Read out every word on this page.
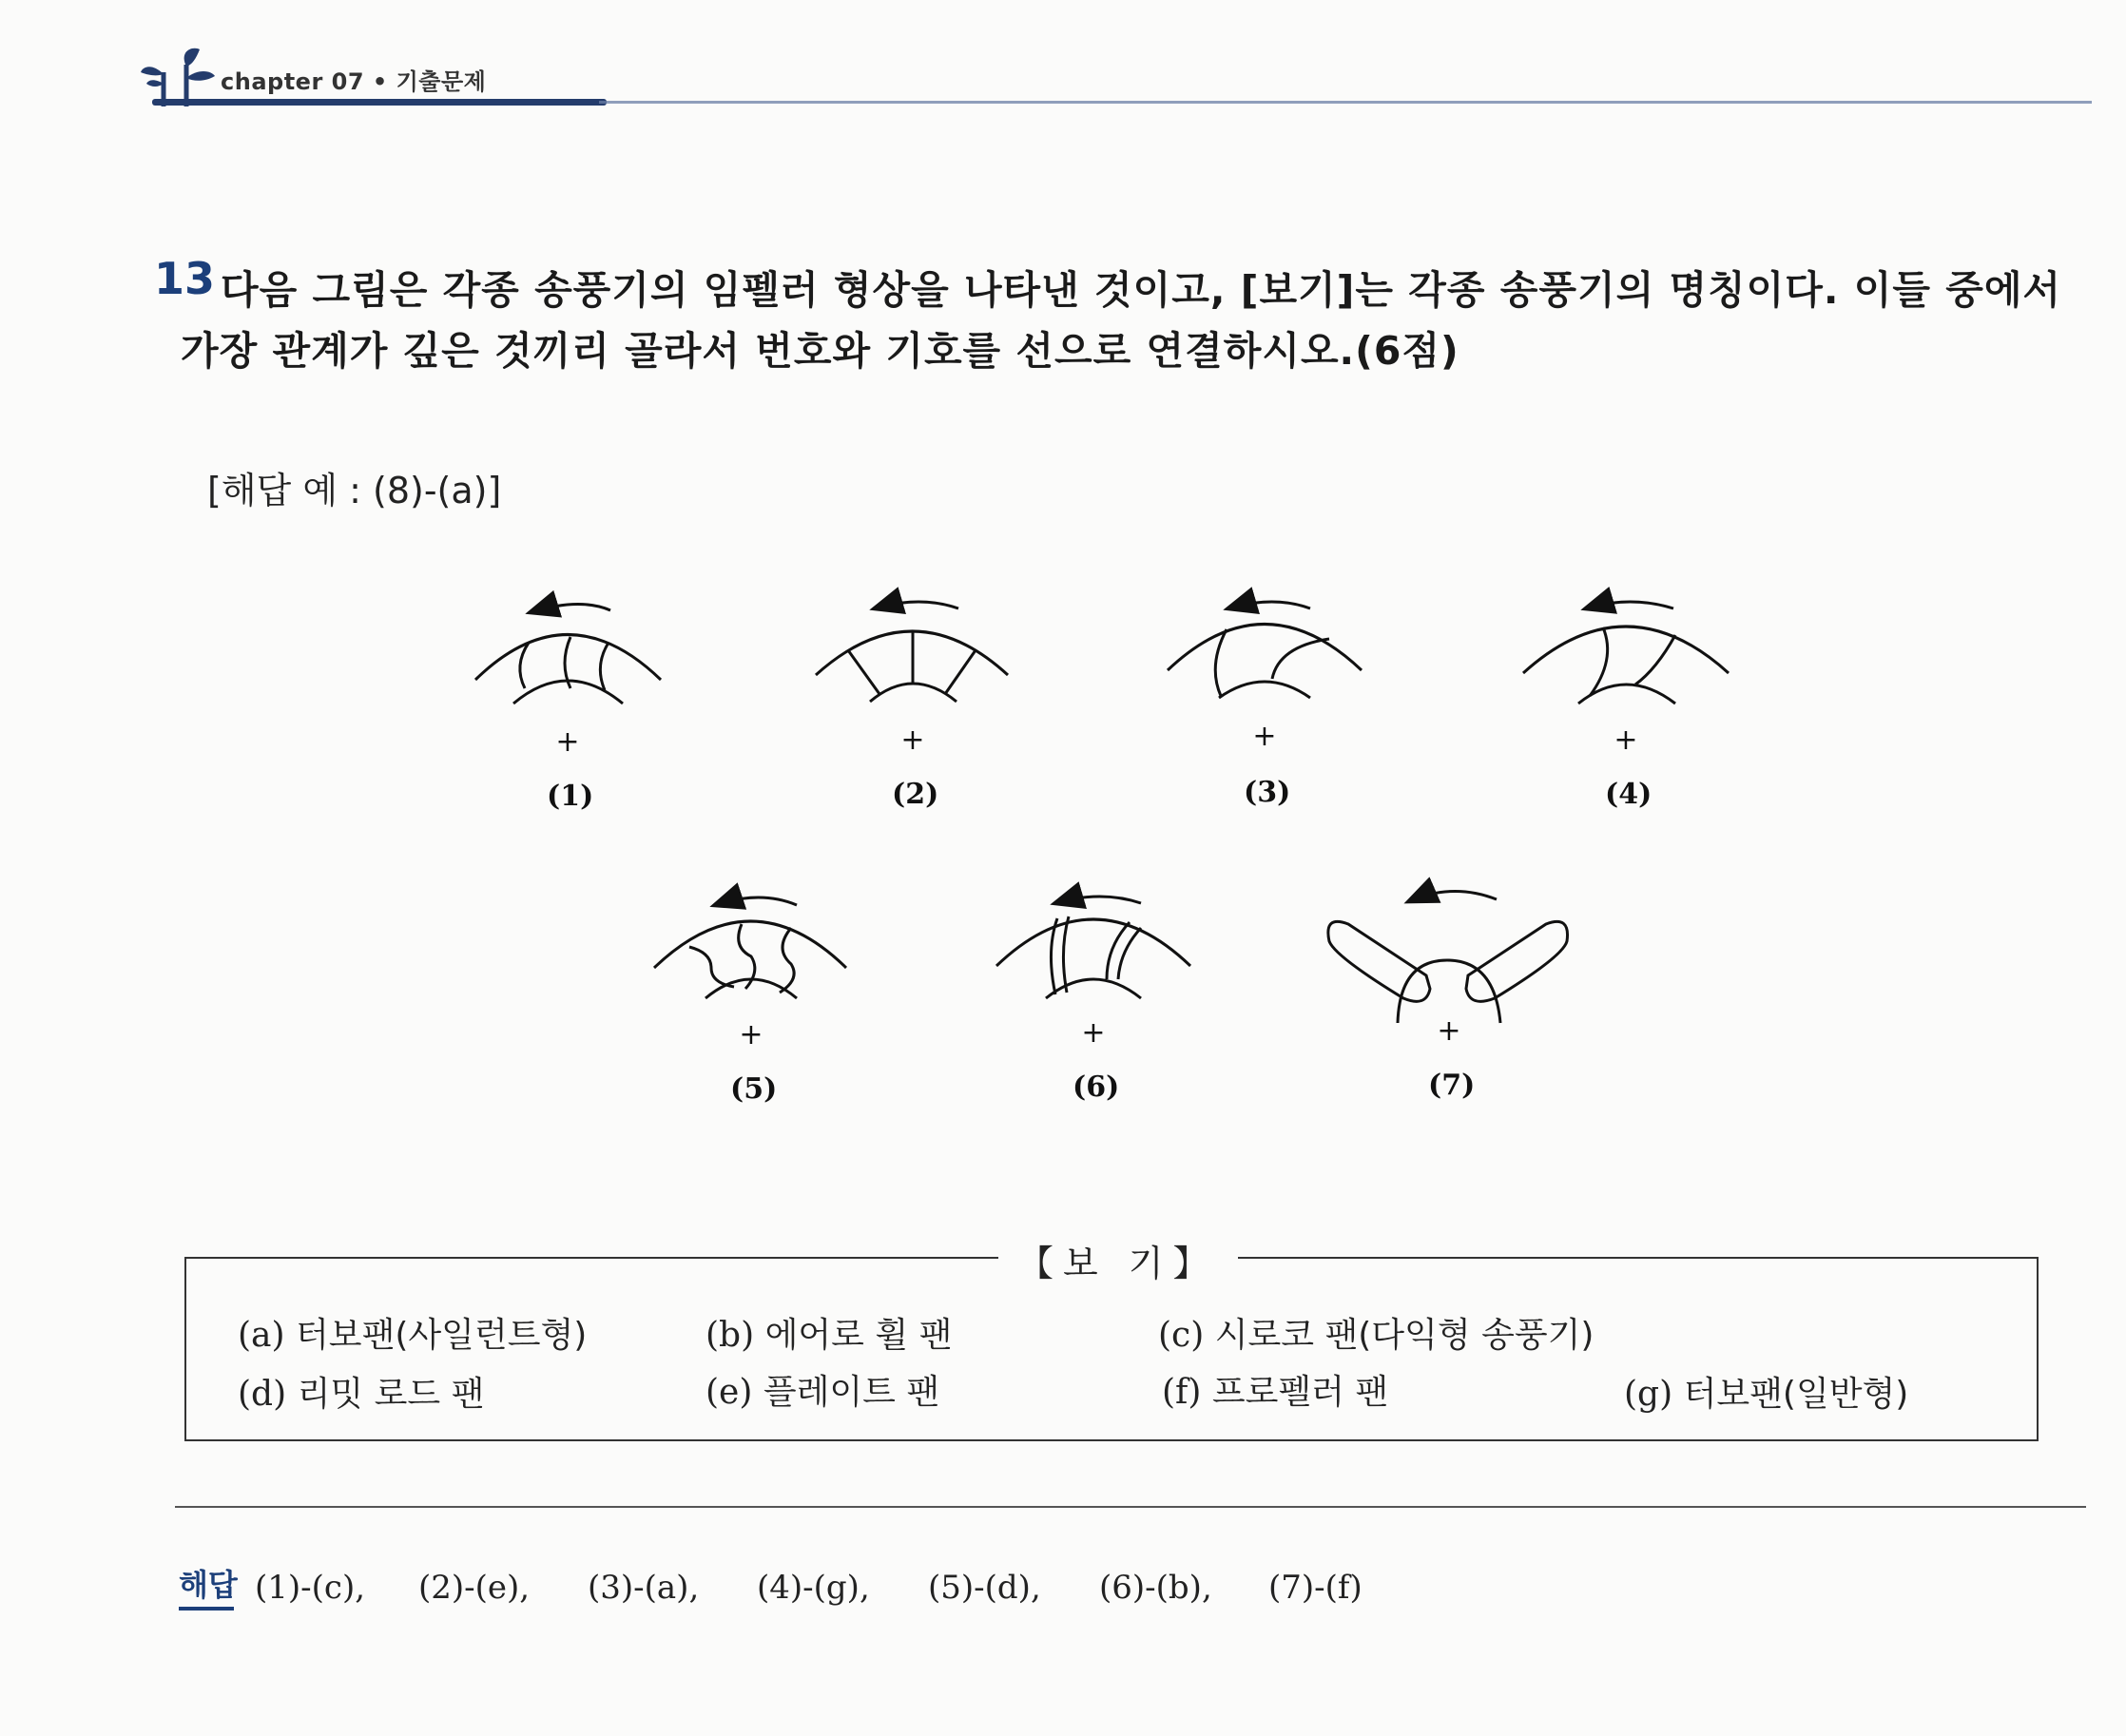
chapter 07 • 기출문제
13 다음 그림은 각종 송풍기의 임펠러 형상을 나타낸 것이고, [보기]는 각종 송풍기의 명칭이다. 이들 중에서
가장 관계가 깊은 것끼리 골라서 번호와 기호를 선으로 연결하시오.(6점)
[해답 예 : (8)-(a)]
+	+	+	+
+	+	+
(1)	(2)	(3)	(4)
(5)	(6)	(7)
【보 기】
(a) 터보팬(사일런트형)	(b) 에어로 휠 팬	(c) 시로코 팬(다익형 송풍기)
(d) 리밋 로드 팬	(e) 플레이트 팬	(f) 프로펠러 팬	(g) 터보팬(일반형)
해답 (1)-(c), (2)-(e), (3)-(a), (4)-(g), (5)-(d), (6)-(b), (7)-(f)
